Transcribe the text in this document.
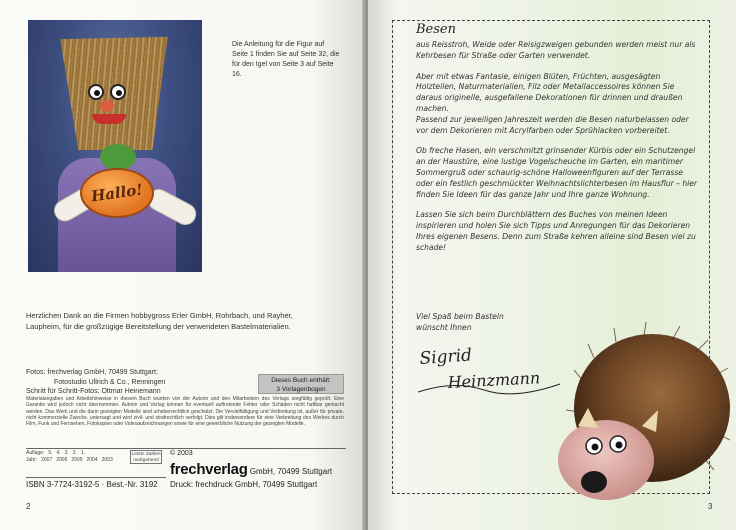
Hallo!
Die Anleitung für die Figur auf Seite 1 finden Sie auf Seite 32, die für den Igel von Seite 3 auf Seite 16.
Herzlichen Dank an die Firmen hobbygross Erler GmbH, Rohrbach, und Rayher, Laupheim, für die großzügige Bereitstellung der verwendeten Bastelmaterialien.
Fotos: frechverlag GmbH, 70499 Stuttgart;
Fotostudio Ullrich & Co., Renningen
Schritt für Schritt-Fotos: Ottmar Heinemann
Dieses Buch enthält:
3 Vorlagenbogen
Materialangaben und Arbeitshinweise in diesem Buch wurden von der Autorin und den Mitarbeitern des Verlags sorgfältig geprüft. Eine Garantie wird jedoch nicht übernommen. Autorin und Verlag können für eventuell auftretende Fehler oder Schäden nicht haftbar gemacht werden. Das Werk und die darin gezeigten Modelle sind urheberrechtlich geschützt. Die Vervielfältigung und Verbreitung ist, außer für private, nicht kommerzielle Zwecke, untersagt und wird zivil- und strafrechtlich verfolgt. Dies gilt insbesondere für eine Verbreitung des Werkes durch Film, Funk und Fernsehen, Fotokopien oder Videoaufzeichnungen sowie für eine gewerbliche Nutzung der gezeigten Modelle.
Auflage: 5. 4. 3. 2. 1.
Jahr: 2007 2006 2005 2004 2003
Letzte Zahlen maßgebend
© 2003
frechverlag GmbH, 70499 Stuttgart
Druck: frechdruck GmbH, 70499 Stuttgart
ISBN 3-7724-3192-5 · Best.-Nr. 3192
2
Besen

aus Reisstroh, Weide oder Reisigzweigen gebunden werden meist nur als Kehrbesen für Straße oder Garten verwendet.

Aber mit etwas Fantasie, einigen Blüten, Früchten, ausgesägten Holzteilen, Naturmaterialien, Filz oder Metallaccessoires können Sie daraus originelle, ausgefallene Dekorationen für drinnen und draußen machen.
Passend zur jeweiligen Jahreszeit werden die Besen naturbelassen oder vor dem Dekorieren mit Acrylfarben oder Sprühlacken vorbereitet.

Ob freche Hasen, ein verschmitzt grinsender Kürbis oder ein Schutzengel an der Haustüre, eine lustige Vogelscheuche im Garten, ein maritimer Sommergruß oder schaurig-schöne Halloweenfiguren auf der Terrasse oder ein festlich geschmückter Weihnachtslichterbesen im Hausflur – hier finden Sie Ideen für das ganze Jahr und Ihre ganze Wohnung.

Lassen Sie sich beim Durchblättern des Buches von meinen Ideen inspirieren und holen Sie sich Tipps und Anregungen für das Dekorieren Ihres eigenen Besens. Denn zum Straße kehren alleine sind Besen viel zu schade!

Viel Spaß beim Basteln
wünscht Ihnen
Sigrid
Heinzmann
3
